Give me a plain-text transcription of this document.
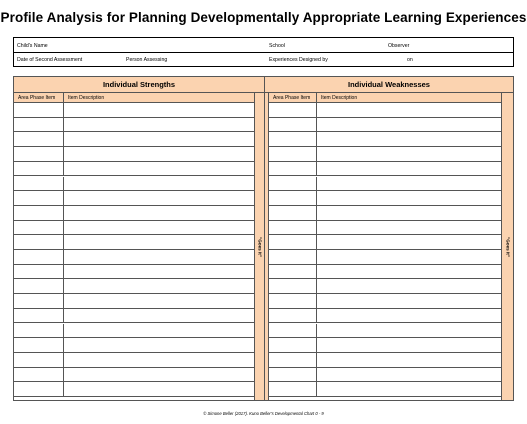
Profile Analysis for Planning Developmentally Appropriate Learning Experiences
Child's Name	School	Observer
Date of Second Assessment	Person Assessing	Experiences Designed by	on
Individual Strengths
Area Phase Item	Item Description
"Goes It"
Individual Weaknesses
Area Phase Item	Item Description
"Goes It"
© Simone Beller (2017). Kuno Beller's Developmental Chart 0 - 9
